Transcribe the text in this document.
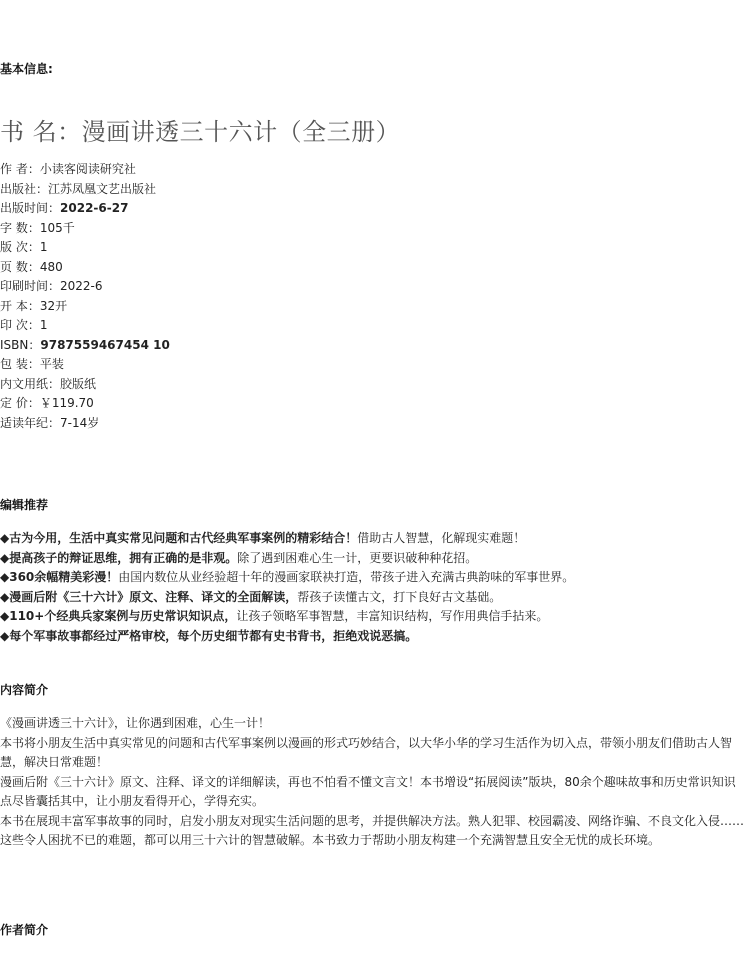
基本信息:
书 名：漫画讲透三十六计（全三册）
作 者：小读客阅读研究社
出版社：江苏凤凰文艺出版社
出版时间：2022-6-27
字 数：105千
版 次：1
页 数：480
印刷时间：2022-6
开 本：32开
印 次：1
ISBN：9787559467454 10
包 装：平装
内文用纸：胶版纸
定 价：￥119.70
适读年纪：7-14岁
编辑推荐
◆古为今用，生活中真实常见问题和古代经典军事案例的精彩结合！借助古人智慧，化解现实难题！
◆提高孩子的辩证思维，拥有正确的是非观。除了遇到困难心生一计，更要识破种种花招。
◆360余幅精美彩漫！由国内数位从业经验超十年的漫画家联袂打造，带孩子进入充满古典韵味的军事世界。
◆漫画后附《三十六计》原文、注释、译文的全面解读，帮孩子读懂古文，打下良好古文基础。
◆110+个经典兵家案例与历史常识知识点，让孩子领略军事智慧，丰富知识结构，写作用典信手拈来。
◆每个军事故事都经过严格审校，每个历史细节都有史书背书，拒绝戏说恶搞。
内容简介

《漫画讲透三十六计》，让你遇到困难，心生一计！

本书将小朋友生活中真实常见的问题和古代军事案例以漫画的形式巧妙结合，以大华小华的学习生活作为切入点，带领小朋友们借助古人智慧，解决日常难题！

漫画后附《三十六计》原文、注释、译文的详细解读，再也不怕看不懂文言文！本书增设“拓展阅读”版块，80余个趣味故事和历史常识知识点尽皆囊括其中，让小朋友看得开心，学得充实。

本书在展现丰富军事故事的同时，启发小朋友对现实生活问题的思考，并提供解决方法。熟人犯罪、校园霸凌、网络诈骗、不良文化入侵……这些令人困扰不已的难题，都可以用三十六计的智慧破解。本书致力于帮助小朋友构建一个充满智慧且安全无忧的成长环境。

作者简介
